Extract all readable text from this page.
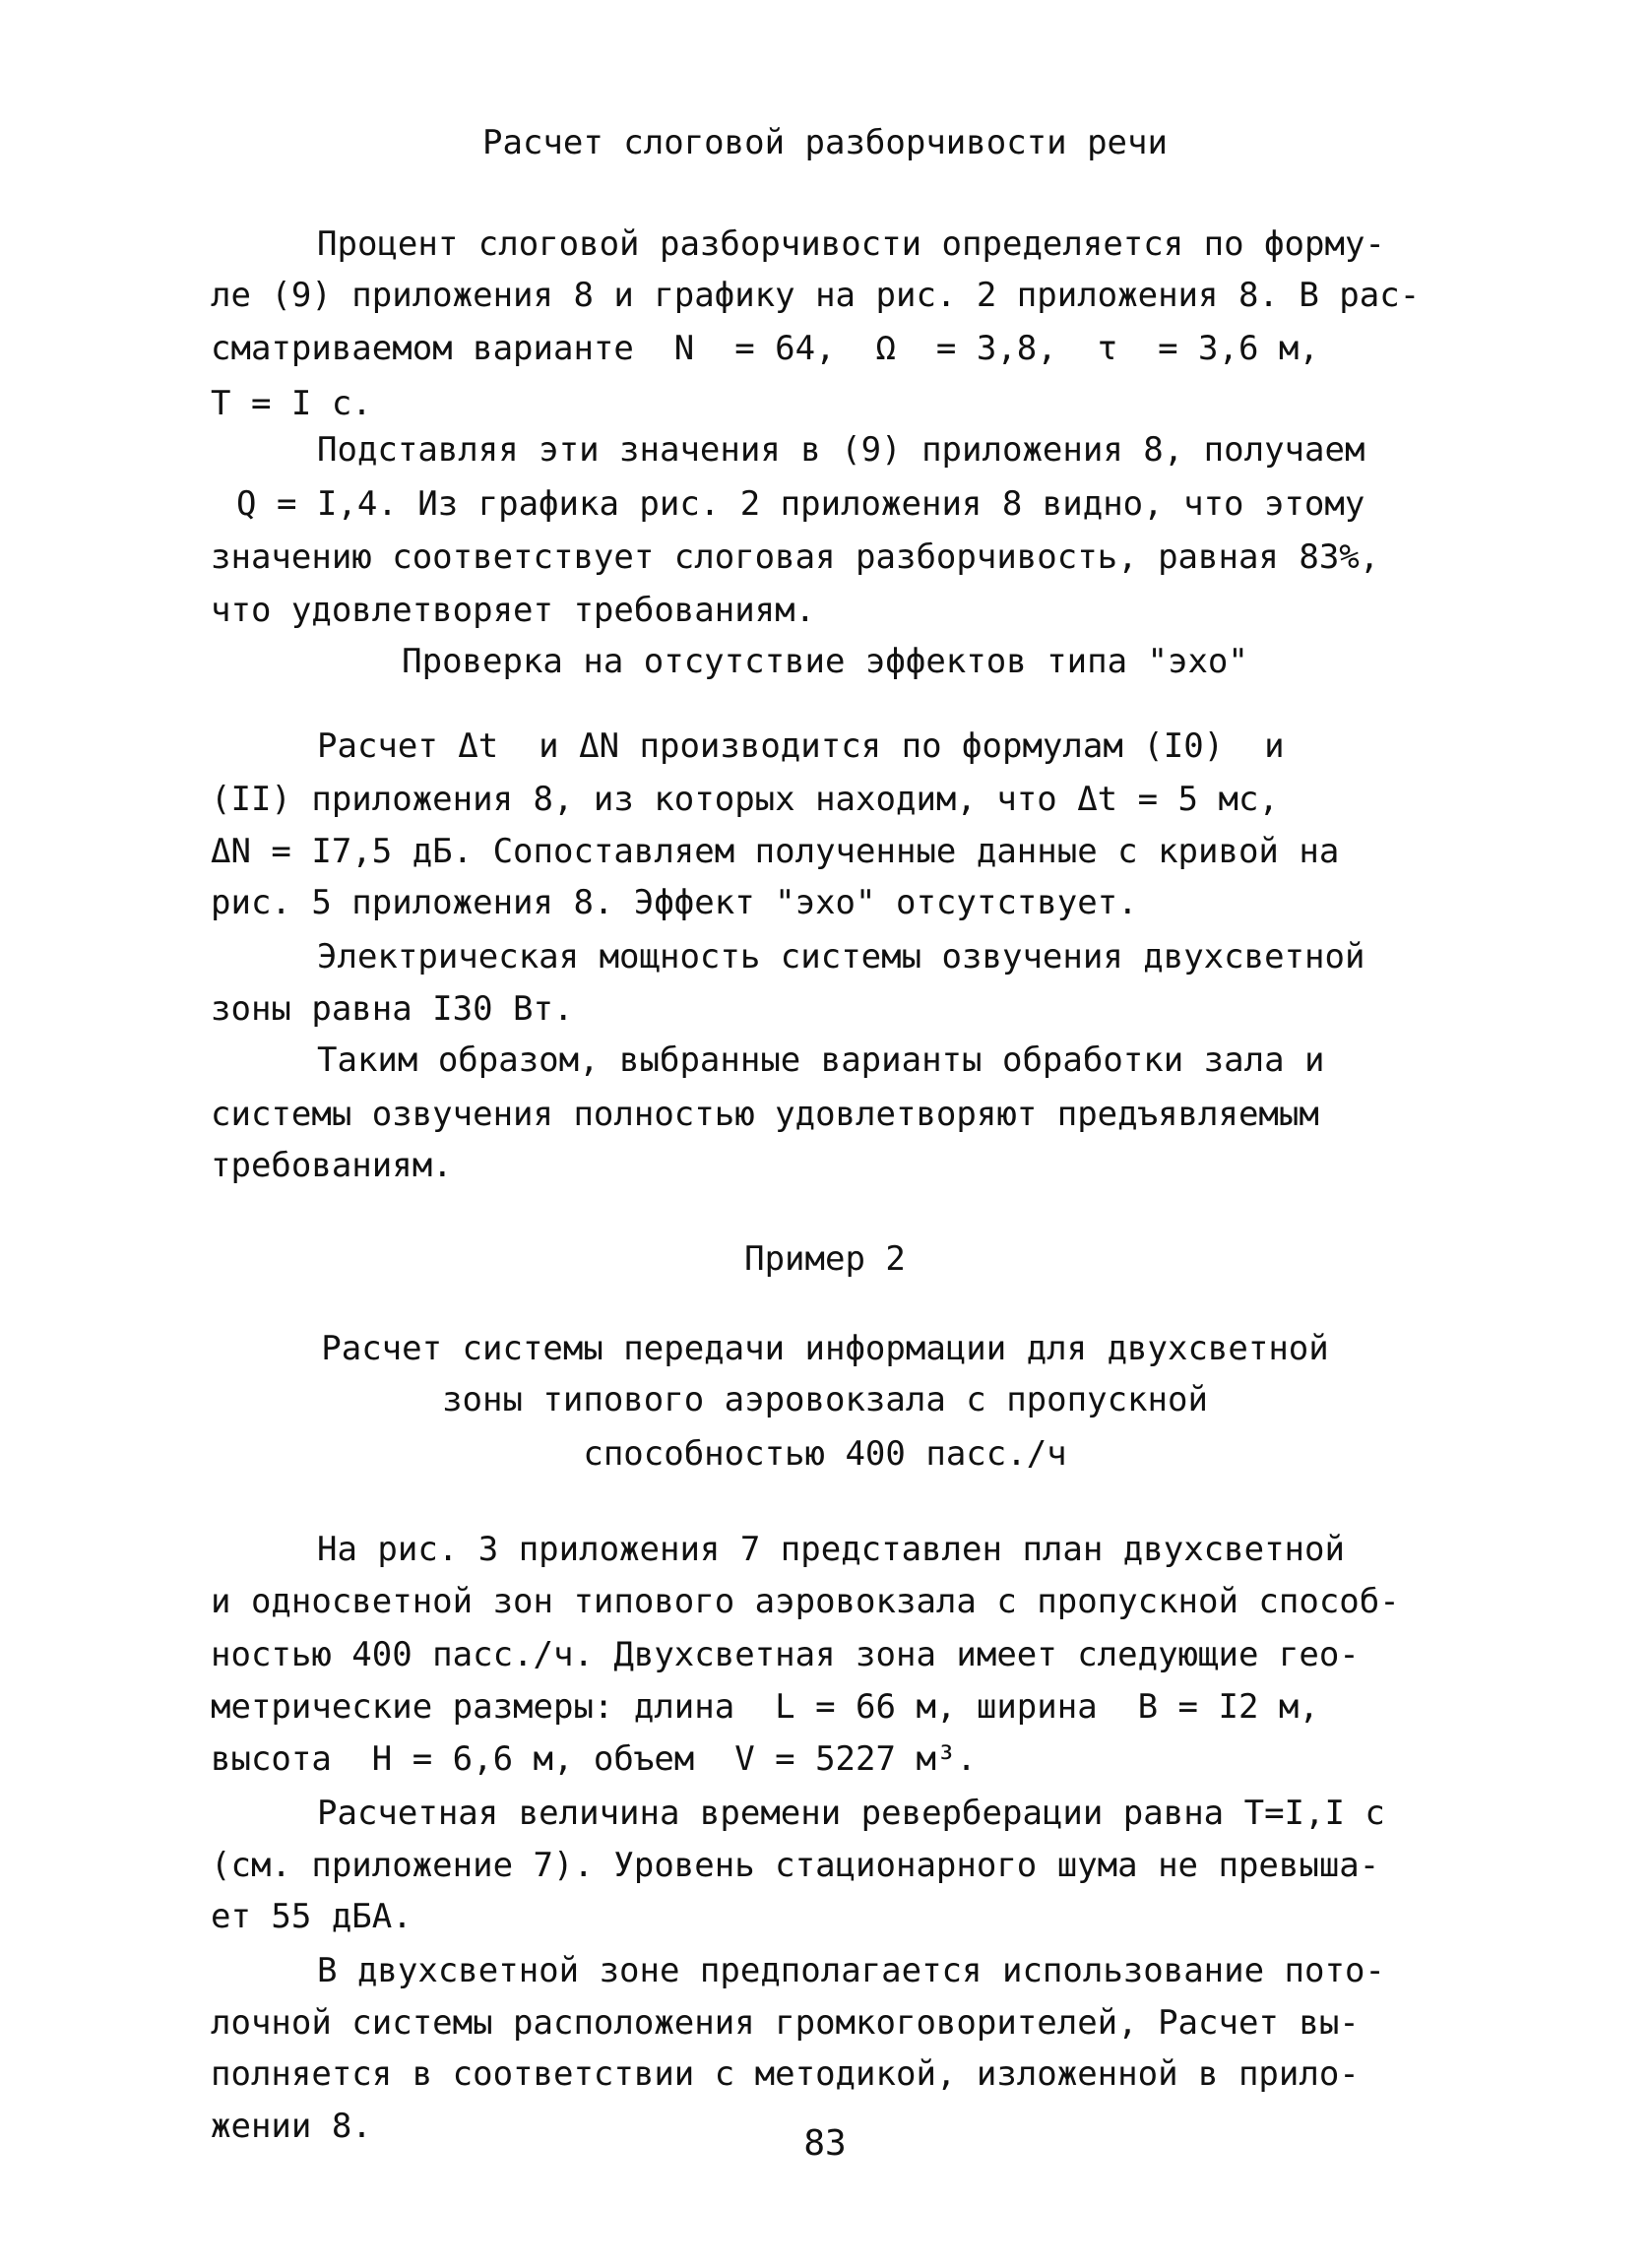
Расчет слоговой разборчивости речи
Процент слоговой разборчивости определяется по форму-
ле (9) приложения 8 и графику на рис. 2 приложения 8. В рас-
сматриваемом варианте  N  = 64,  Ω  = 3,8,  τ  = 3,6 м,
T = I с.
Подставляя эти значения в (9) приложения 8, получаем
Q = I,4. Из графика рис. 2 приложения 8 видно, что этому
значению соответствует слоговая разборчивость, равная 83%,
что удовлетворяет требованиям.
Проверка на отсутствие эффектов типа "эхо"
Расчет Δt  и ΔN производится по формулам (I0)  и
(II) приложения 8, из которых находим, что Δt = 5 мс,
ΔN = I7,5 дБ. Сопоставляем полученные данные с кривой на
рис. 5 приложения 8. Эффект "эхо" отсутствует.
Электрическая мощность системы озвучения двухсветной
зоны равна I30 Вт.
Таким образом, выбранные варианты обработки зала и
системы озвучения полностью удовлетворяют предъявляемым
требованиям.
Пример 2
Расчет системы передачи информации для двухсветной
зоны типового аэровокзала с пропускной
способностью 400 пасс./ч
На рис. 3 приложения 7 представлен план двухсветной
и односветной зон типового аэровокзала с пропускной способ-
ностью 400 пасс./ч. Двухсветная зона имеет следующие гео-
метрические размеры: длина  L = 66 м, ширина  B = I2 м,
высота  H = 6,6 м, объем  V = 5227 м³.
Расчетная величина времени реверберации равна T=I,I с
(см. приложение 7). Уровень стационарного шума не превыша-
ет 55 дБА.
В двухсветной зоне предполагается использование пото-
лочной системы расположения громкоговорителей, Расчет вы-
полняется в соответствии с методикой, изложенной в прило-
жении 8.	83
